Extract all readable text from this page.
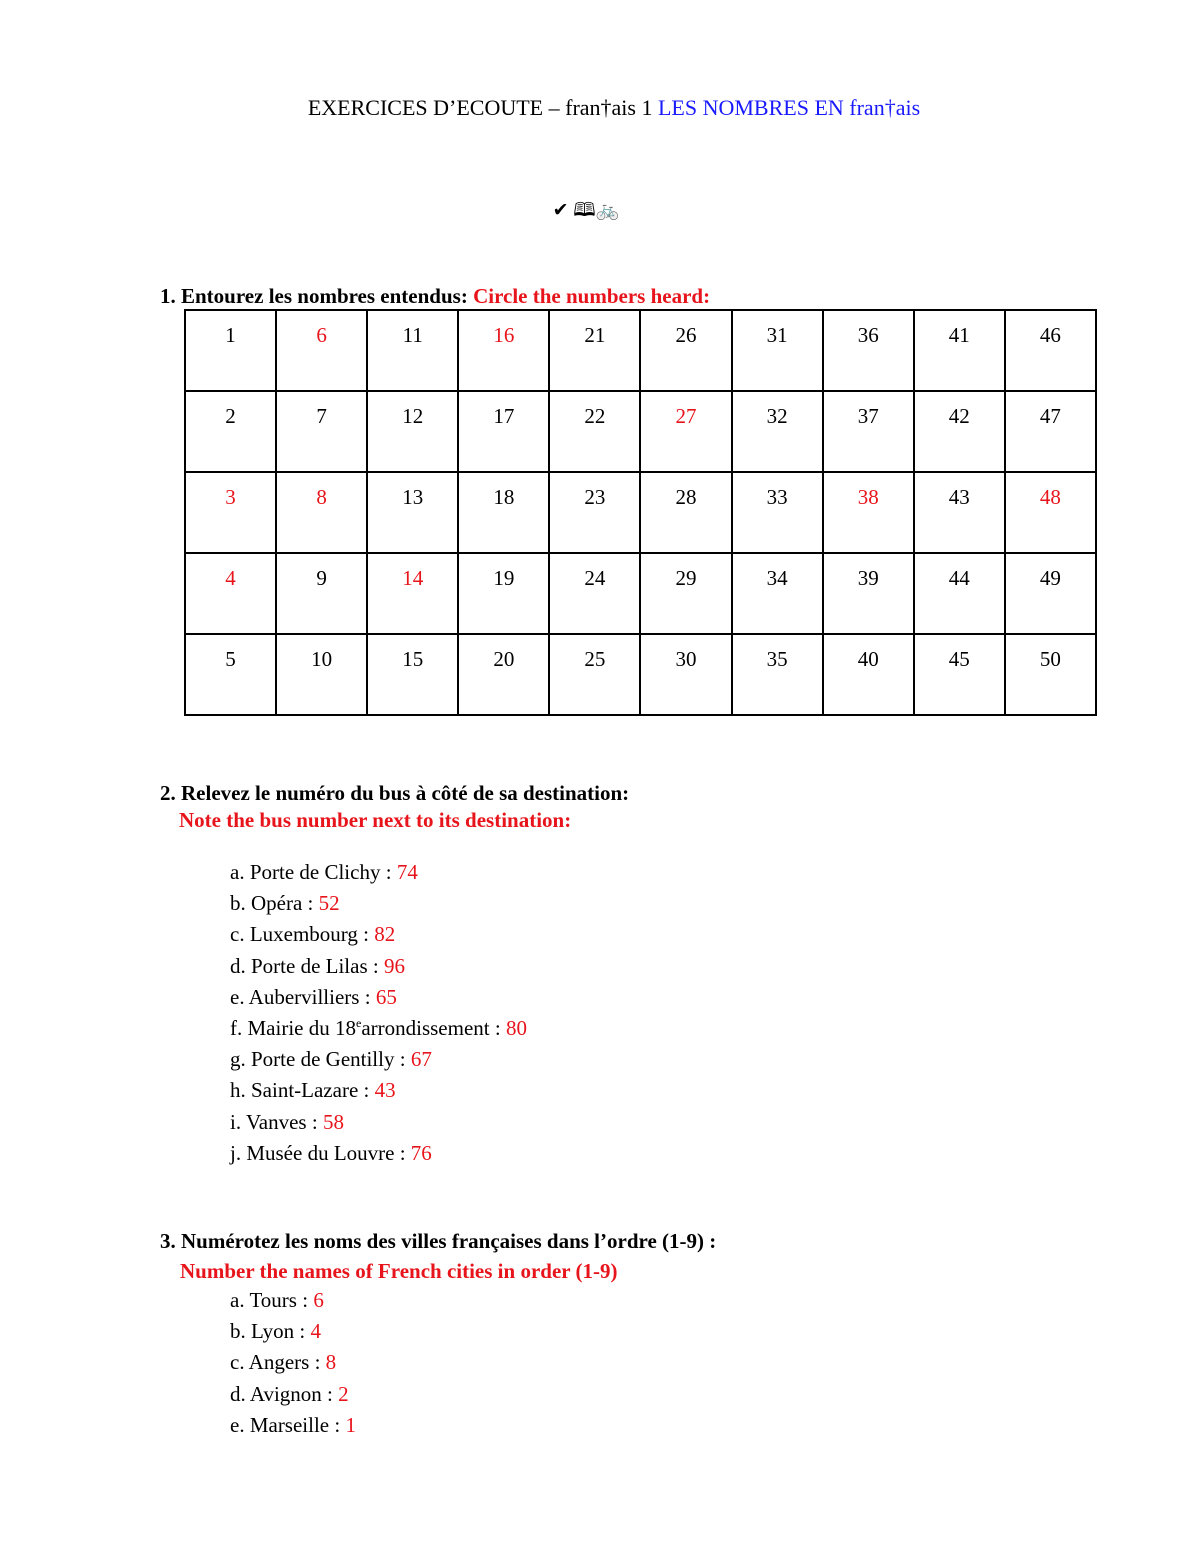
EXERCICES D’ECOUTE – fran†ais 1 LES NOMBRES EN fran†ais
✔ 🕮🚲
1. Entourez les nombres entendus: Circle the numbers heard:
1	6	11	16	21	26	31	36	41	46
2	7	12	17	22	27	32	37	42	47
3	8	13	18	23	28	33	38	43	48
4	9	14	19	24	29	34	39	44	49
5	10	15	20	25	30	35	40	45	50
2. Relevez le numéro du bus à côté de sa destination:
Note the bus number next to its destination:
a. Porte de Clichy : 74
b. Opéra : 52
c. Luxembourg : 82
d. Porte de Lilas : 96
e. Aubervilliers : 65
f. Mairie du 18earrondissement : 80
g. Porte de Gentilly : 67
h. Saint-Lazare : 43
i. Vanves : 58
j. Musée du Louvre : 76
3. Numérotez les noms des villes françaises dans l’ordre (1-9) :
Number the names of French cities in order (1-9)
a. Tours : 6
b. Lyon : 4
c. Angers : 8
d. Avignon : 2
e. Marseille : 1
